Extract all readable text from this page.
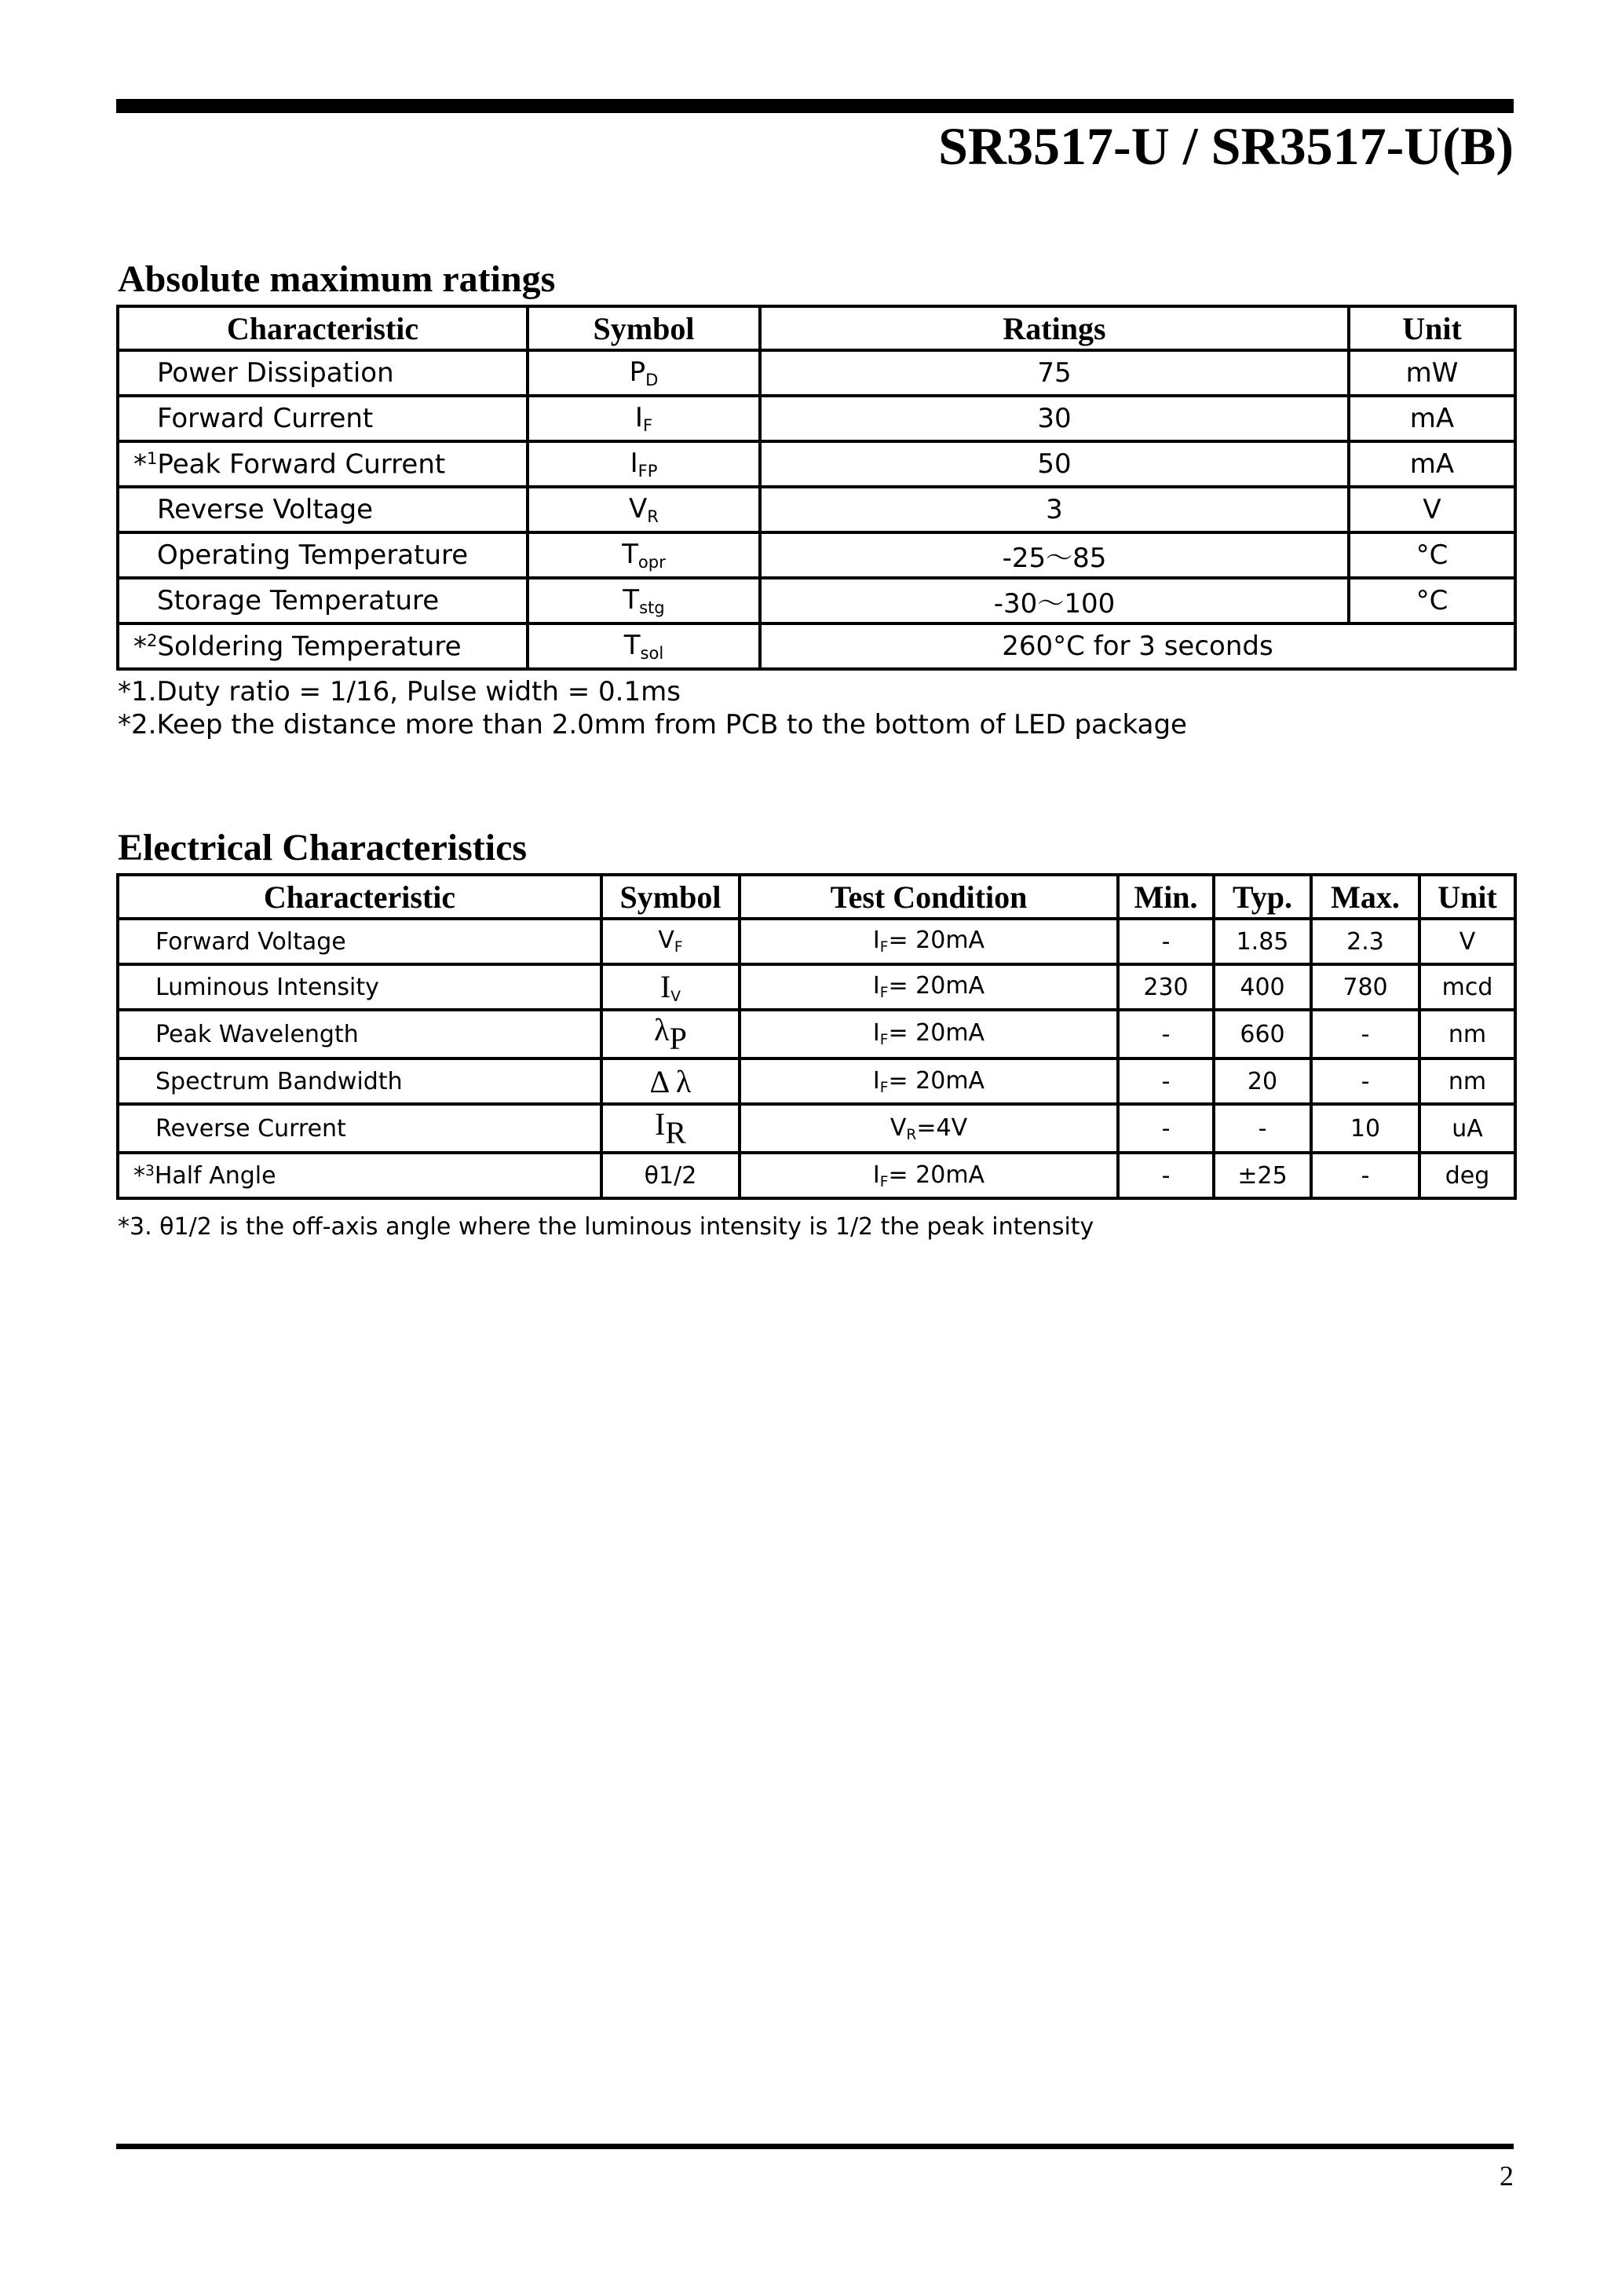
SR3517-U / SR3517-U(B)
Absolute maximum ratings
Characteristic	Symbol	Ratings	Unit
Power Dissipation	$P_D$	75	mW
Forward Current	$I_F$	30	mA
*$^1$Peak Forward Current	$I_{FP}$	50	mA
Reverse Voltage	$V_R$	3	V
Operating Temperature	$T_{opr}$	-25～85	°C
Storage Temperature	$T_{stg}$	-30～100	°C
*$^2$Soldering Temperature	$T_{sol}$	260°C for 3 seconds	

*1.Duty ratio = 1/16, Pulse width = 0.1ms

*2.Keep the distance more than 2.0mm from PCB to the bottom of LED package

Electrical Characteristics
Characteristic	Symbol	Test Condition	Min.	Typ.	Max.	Unit
Forward Voltage	$V_F$	$I_F= 20mA$	-	1.85	2.3	V
Luminous Intensity	$I_V$	$I_F= 20mA$	230	400	780	mcd
Peak Wavelength	$\lambda_P$	$I_F= 20mA$	-	660	-	nm
Spectrum Bandwidth	Δ λ	$I_F= 20mA$	-	20	-	nm
Reverse Current	$I_R$	$V_R=4V$	-	-	10	uA
*$^3$Half Angle	θ1/2	$I_F= 20mA$	-	±25	-	deg

*3. θ1/2 is the off-axis angle where the luminous intensity is 1/2 the peak intensity

2
